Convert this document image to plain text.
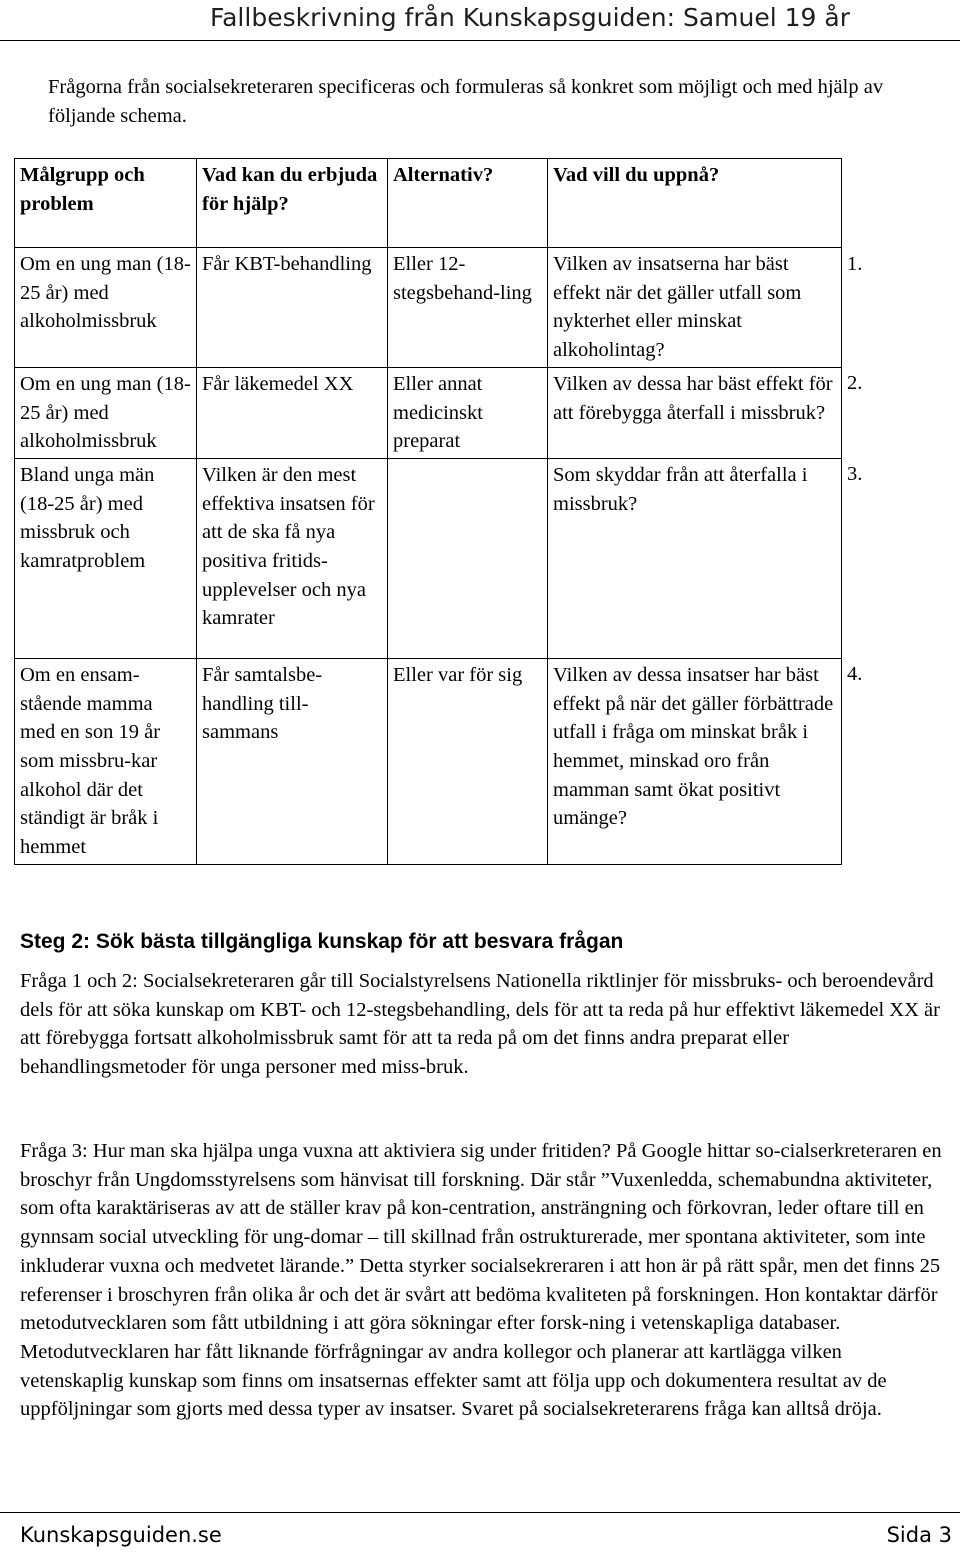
Fallbeskrivning från Kunskapsguiden: Samuel 19 år

Frågorna från socialsekreteraren specificeras och formuleras så konkret som möjligt och med hjälp av följande schema.

Målgrupp och problem	Vad kan du erbjuda för hjälp?	Alternativ?	Vad vill du uppnå?	
Om en ung man (18-25 år) med alkoholmissbruk	Får KBT-behandling	Eller 12-stegsbehand-ling	Vilken av insatserna har bäst effekt när det gäller utfall som nykterhet eller minskat alkoholintag?	1.
Om en ung man (18-25 år) med alkoholmissbruk	Får läkemedel XX	Eller annat medicinskt preparat	Vilken av dessa har bäst effekt för att förebygga återfall i missbruk?	2.
Bland unga män (18-25 år) med missbruk och kamratproblem	Vilken är den mest effektiva insatsen för att de ska få nya positiva fritids-upplevelser och nya kamrater		Som skyddar från att återfalla i missbruk?	3.
Om en ensam-stående mamma med en son 19 år som missbru-kar alkohol där det ständigt är bråk i hemmet	Får samtalsbe-handling till-sammans	Eller var för sig	Vilken av dessa insatser har bäst effekt på när det gäller förbättrade utfall i fråga om minskat bråk i hemmet, minskad oro från mamman samt ökat positivt umänge?	4.
Steg 2: Sök bästa tillgängliga kunskap för att besvara frågan

Fråga 1 och 2: Socialsekreteraren går till Socialstyrelsens Nationella riktlinjer för missbruks- och beroendevård dels för att söka kunskap om KBT- och 12-stegsbehandling, dels för att ta reda på hur effektivt läkemedel XX är att förebygga fortsatt alkoholmissbruk samt för att ta reda på om det finns andra preparat eller behandlingsmetoder för unga personer med miss-bruk.

Fråga 3: Hur man ska hjälpa unga vuxna att aktiviera sig under fritiden? På Google hittar so-cialserkreteraren en broschyr från Ungdomsstyrelsens som hänvisat till forskning. Där står ”Vuxenledda, schemabundna aktiviteter, som ofta karaktäriseras av att de ställer krav på kon-centration, ansträngning och förkovran, leder oftare till en gynnsam social utveckling för ung-domar – till skillnad från ostrukturerade, mer spontana aktiviteter, som inte inkluderar vuxna och medvetet lärande.” Detta styrker socialsekreraren i att hon är på rätt spår, men det finns 25 referenser i broschyren från olika år och det är svårt att bedöma kvaliteten på forskningen. Hon kontaktar därför metodutvecklaren som fått utbildning i att göra sökningar efter forsk-ning i vetenskapliga databaser. Metodutvecklaren har fått liknande förfrågningar av andra kollegor och planerar att kartlägga vilken vetenskaplig kunskap som finns om insatsernas effekter samt att följa upp och dokumentera resultat av de uppföljningar som gjorts med dessa typer av insatser. Svaret på socialsekreterarens fråga kan alltså dröja.

Kunskapsguiden.se	Sida 3
